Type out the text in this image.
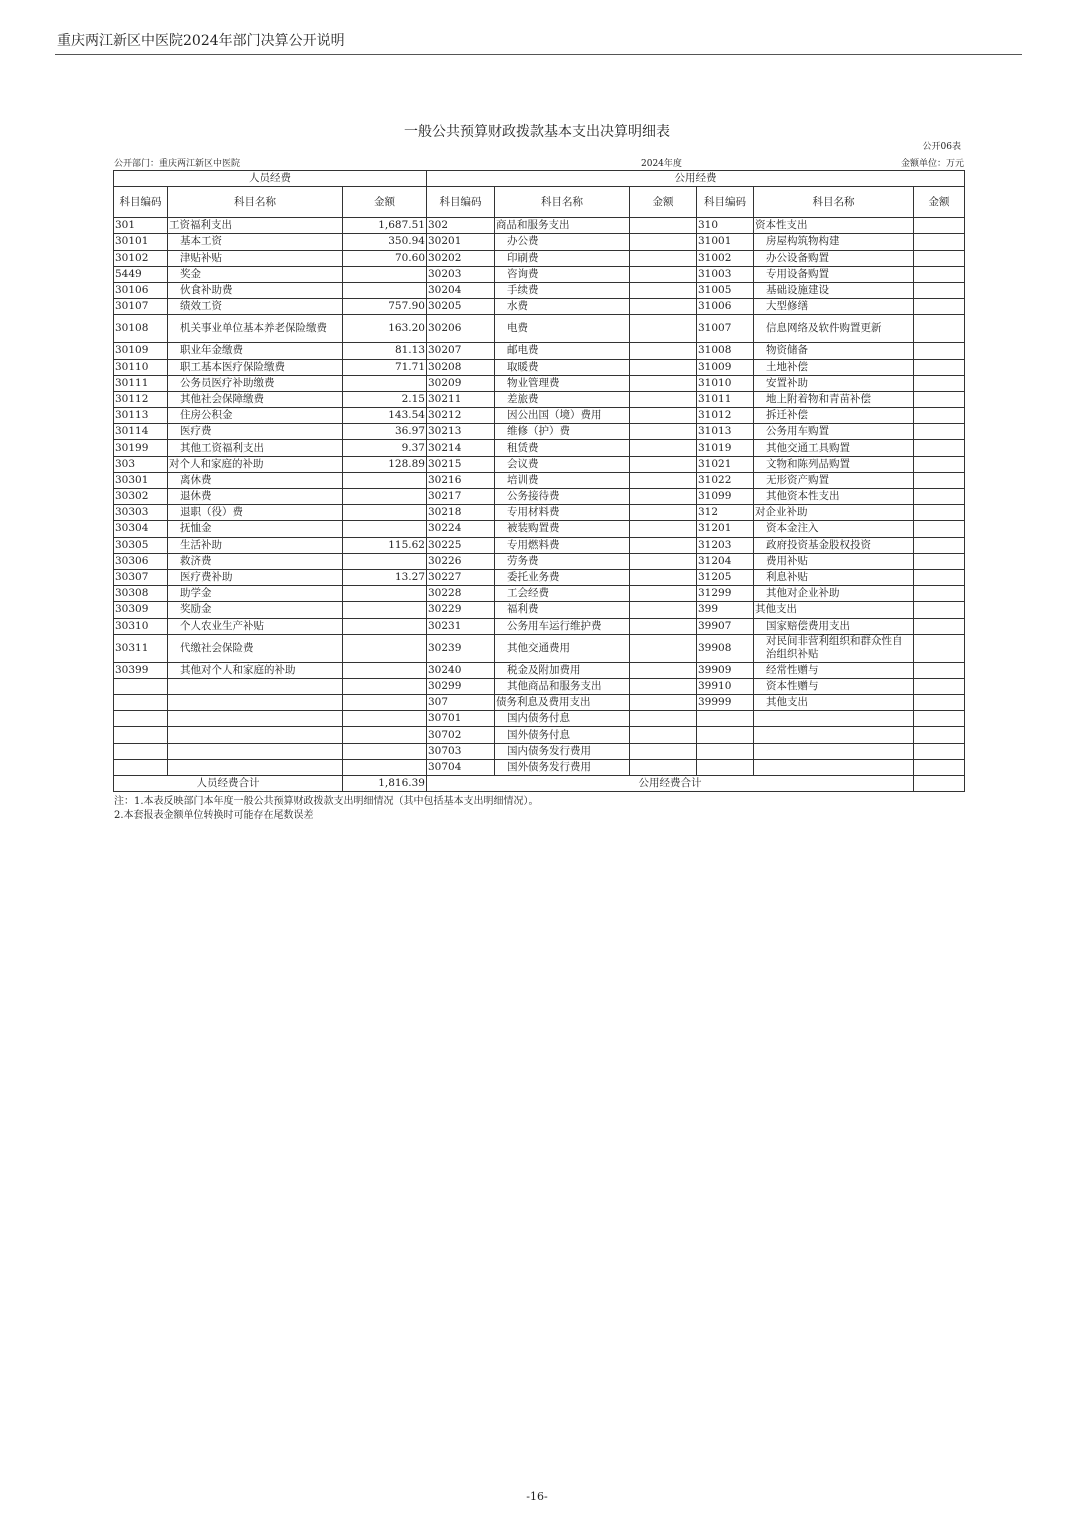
重庆两江新区中医院2024年部门决算公开说明
一般公共预算财政拨款基本支出决算明细表
公开06表
公开部门：重庆两江新区中医院	2024年度	金额单位：万元
人员经费			公用经费					
科目编码	科目名称	金额	科目编码	科目名称	金额	科目编码	科目名称	金额
301	工资福利支出	1,687.51	302	商品和服务支出		310	资本性支出	
30101	基本工资	350.94	30201	办公费		31001	房屋构筑物构建	
30102	津贴补贴	70.60	30202	印刷费		31002	办公设备购置	
5449	奖金		30203	咨询费		31003	专用设备购置	
30106	伙食补助费		30204	手续费		31005	基础设施建设	
30107	绩效工资	757.90	30205	水费		31006	大型修缮	
30108	机关事业单位基本养老保险缴费	163.20	30206	电费		31007	信息网络及软件购置更新	
30109	职业年金缴费	81.13	30207	邮电费		31008	物资储备	
30110	职工基本医疗保险缴费	71.71	30208	取暖费		31009	土地补偿	
30111	公务员医疗补助缴费		30209	物业管理费		31010	安置补助	
30112	其他社会保障缴费	2.15	30211	差旅费		31011	地上附着物和青苗补偿	
30113	住房公积金	143.54	30212	因公出国（境）费用		31012	拆迁补偿	
30114	医疗费	36.97	30213	维修（护）费		31013	公务用车购置	
30199	其他工资福利支出	9.37	30214	租赁费		31019	其他交通工具购置	
303	对个人和家庭的补助	128.89	30215	会议费		31021	文物和陈列品购置	
30301	离休费		30216	培训费		31022	无形资产购置	
30302	退休费		30217	公务接待费		31099	其他资本性支出	
30303	退职（役）费		30218	专用材料费		312	对企业补助	
30304	抚恤金		30224	被装购置费		31201	资本金注入	
30305	生活补助	115.62	30225	专用燃料费		31203	政府投资基金股权投资	
30306	救济费		30226	劳务费		31204	费用补贴	
30307	医疗费补助	13.27	30227	委托业务费		31205	利息补贴	
30308	助学金		30228	工会经费		31299	其他对企业补助	
30309	奖励金		30229	福利费		399	其他支出	
30310	个人农业生产补贴		30231	公务用车运行维护费		39907	国家赔偿费用支出	
30311	代缴社会保险费		30239	其他交通费用		39908	对民间非营利组织和群众性自治组织补贴	
30399	其他对个人和家庭的补助		30240	税金及附加费用		39909	经常性赠与	
			30299	其他商品和服务支出		39910	资本性赠与	
			307	债务利息及费用支出		39999	其他支出	
			30701	国内债务付息				
			30702	国外债务付息				
			30703	国内债务发行费用				
			30704	国外债务发行费用				
人员经费合计		1,816.39	公用经费合计					
注：1.本表反映部门本年度一般公共预算财政拨款支出明细情况（其中包括基本支出明细情况）。
2.本套报表金额单位转换时可能存在尾数误差
-16-
